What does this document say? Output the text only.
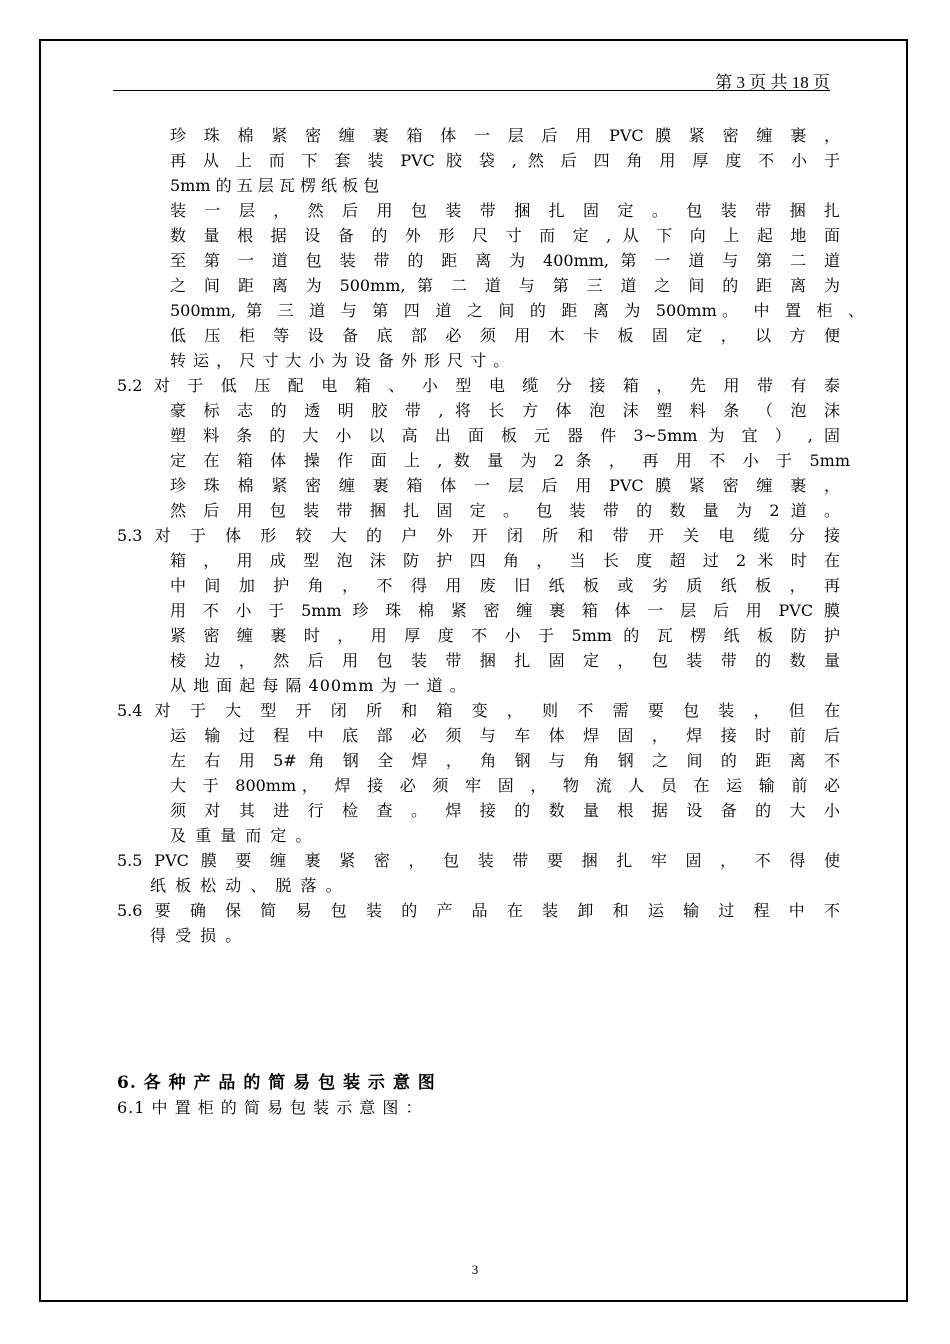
第 3 页 共 18 页
珍 珠 棉 紧 密 缠 裹 箱 体 一 层 后 用 PVC 膜 紧 密 缠 裹 ，
再 从 上 而 下 套 装 PVC 胶 袋 , 然 后 四 角 用 厚 度 不 小 于
5mm 的 五 层 瓦 楞 纸 板 包
装 一 层 ， 然 后 用 包 装 带 捆 扎 固 定 。 包 装 带 捆 扎
数 量 根 据 设 备 的 外 形 尺 寸 而 定 , 从 下 向 上 起 地 面
至 第 一 道 包 装 带 的 距 离 为 400mm, 第 一 道 与 第 二 道
之 间 距 离 为 500mm, 第 二 道 与 第 三 道 之 间 的 距 离 为
500mm, 第 三 道 与 第 四 道 之 间 的 距 离 为 500mm。 中 置 柜 、
低 压 柜 等 设 备 底 部 必 须 用 木 卡 板 固 定 ， 以 方 便
转 运 ， 尺 寸 大 小 为 设 备 外 形 尺 寸 。
5.2 对 于 低 压 配 电 箱 、 小 型 电 缆 分 接 箱 ， 先 用 带 有 泰
豪 标 志 的 透 明 胶 带 , 将 长 方 体 泡 沫 塑 料 条 （ 泡 沫
塑 料 条 的 大 小 以 高 出 面 板 元 器 件 3~5mm 为 宜 ） , 固
定 在 箱 体 操 作 面 上 , 数 量 为 2 条 ， 再 用 不 小 于 5mm
珍 珠 棉 紧 密 缠 裹 箱 体 一 层 后 用 PVC 膜 紧 密 缠 裹 ，
然 后 用 包 装 带 捆 扎 固 定 。 包 装 带 的 数 量 为 2 道 。
5.3 对 于 体 形 较 大 的 户 外 开 闭 所 和 带 开 关 电 缆 分 接
箱 ， 用 成 型 泡 沫 防 护 四 角 ， 当 长 度 超 过 2 米 时 在
中 间 加 护 角 ， 不 得 用 废 旧 纸 板 或 劣 质 纸 板 ， 再
用 不 小 于 5mm 珍 珠 棉 紧 密 缠 裹 箱 体 一 层 后 用 PVC 膜
紧 密 缠 裹 时 ， 用 厚 度 不 小 于 5mm 的 瓦 楞 纸 板 防 护
棱 边 ， 然 后 用 包 装 带 捆 扎 固 定 ， 包 装 带 的 数 量
从 地 面 起 每 隔 400mm 为 一 道 。
5.4 对 于 大 型 开 闭 所 和 箱 变 ， 则 不 需 要 包 装 ， 但 在
运 输 过 程 中 底 部 必 须 与 车 体 焊 固 ， 焊 接 时 前 后
左 右 用 5# 角 钢 全 焊 ， 角 钢 与 角 钢 之 间 的 距 离 不
大 于 800mm， 焊 接 必 须 牢 固 ， 物 流 人 员 在 运 输 前 必
须 对 其 进 行 检 查 。 焊 接 的 数 量 根 据 设 备 的 大 小
及 重 量 而 定 。
5.5 PVC 膜 要 缠 裹 紧 密 ， 包 装 带 要 捆 扎 牢 固 ， 不 得 使
纸 板 松 动 、 脱 落 。
5.6 要 确 保 简 易 包 装 的 产 品 在 装 卸 和 运 输 过 程 中 不
得 受 损 。
6. 各 种 产 品 的 简 易 包 装 示 意 图
6.1 中 置 柜 的 简 易 包 装 示 意 图 ：
3
